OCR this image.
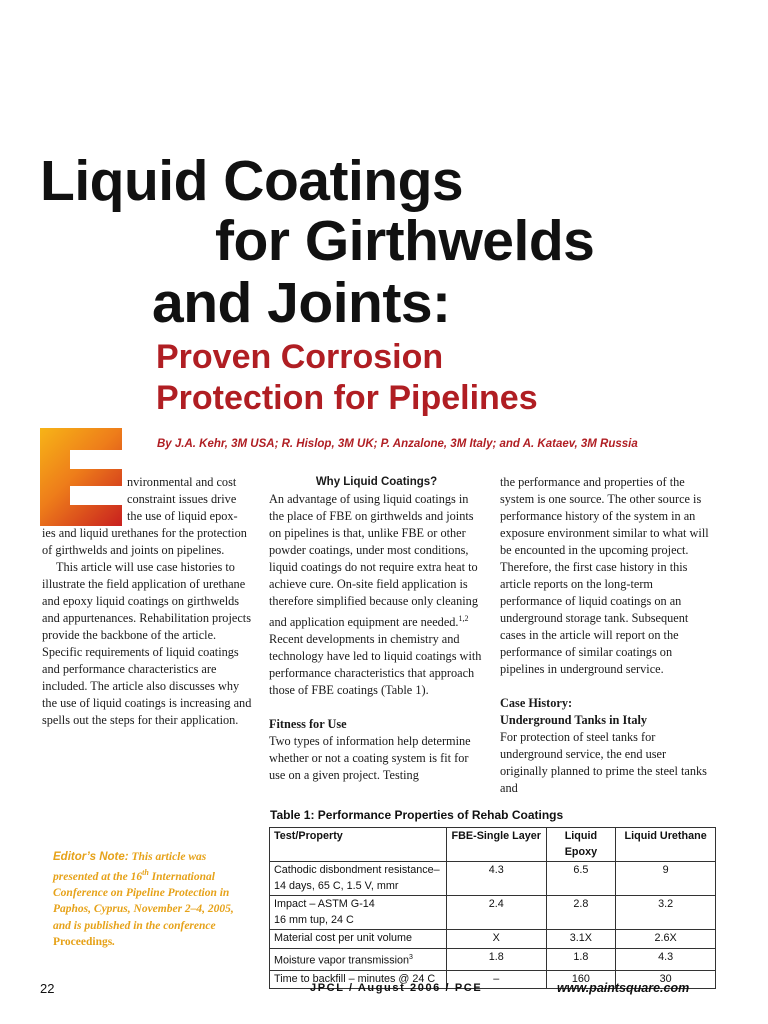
Liquid Coatings
for Girthwelds
and Joints:
Proven Corrosion
Protection for Pipelines
By J.A. Kehr, 3M USA; R. Hislop, 3M UK; P. Anzalone, 3M Italy; and A. Kataev, 3M Russia
nvironmental and cost
constraint issues drive
the use of liquid epox-

ies and liquid urethanes for the protection of girthwelds and joints on pipelines.

This article will use case histories to illustrate the field application of urethane and epoxy liquid coatings on girthwelds and appurtenances. Rehabilitation projects provide the backbone of the article. Specific requirements of liquid coatings and performance characteristics are included. The article also discusses why the use of liquid coatings is increasing and spells out the steps for their application.

Why Liquid Coatings?

An advantage of using liquid coatings in the place of FBE on girthwelds and joints on pipelines is that, unlike FBE or other powder coatings, under most conditions, liquid coatings do not require extra heat to achieve cure. On-site field application is therefore simplified because only cleaning and application equipment are needed.$^{1,2}$ Recent developments in chemistry and technology have led to liquid coatings with performance characteristics that approach those of FBE coatings (Table 1).

Fitness for Use

Two types of information help determine whether or not a coating system is fit for use on a given project. Testing

the performance and properties of the system is one source. The other source is performance history of the system in an exposure environment similar to what will be encounted in the upcoming project. Therefore, the first case history in this article reports on the long-term performance of liquid coatings on an underground storage tank. Subsequent cases in the article will report on the performance of similar coatings on pipelines in underground service.

Case History:

Underground Tanks in Italy

For protection of steel tanks for underground service, the end user originally planned to prime the steel tanks and

Table 1: Performance Properties of Rehab Coatings
Test/Property	FBE-Single Layer	Liquid Epoxy	Liquid Urethane
Cathodic disbondment resistance–
14 days, 65 C, 1.5 V, mmr	4.3	6.5	9
Impact – ASTM G-14
16 mm tup, 24 C	2.4	2.8	3.2
Material cost per unit volume	X	3.1X	2.6X
Moisture vapor transmission$^3$	1.8	1.8	4.3
Time to backfill – minutes @ 24 C	–	160	30
Editor’s Note: This article was presented at the 16th International Conference on Pipeline Protection in Paphos, Cyprus, November 2–4, 2005, and is published in the conference Proceedings.
22	JPCL / August 2006 / PCE	www.paintsquare.com
